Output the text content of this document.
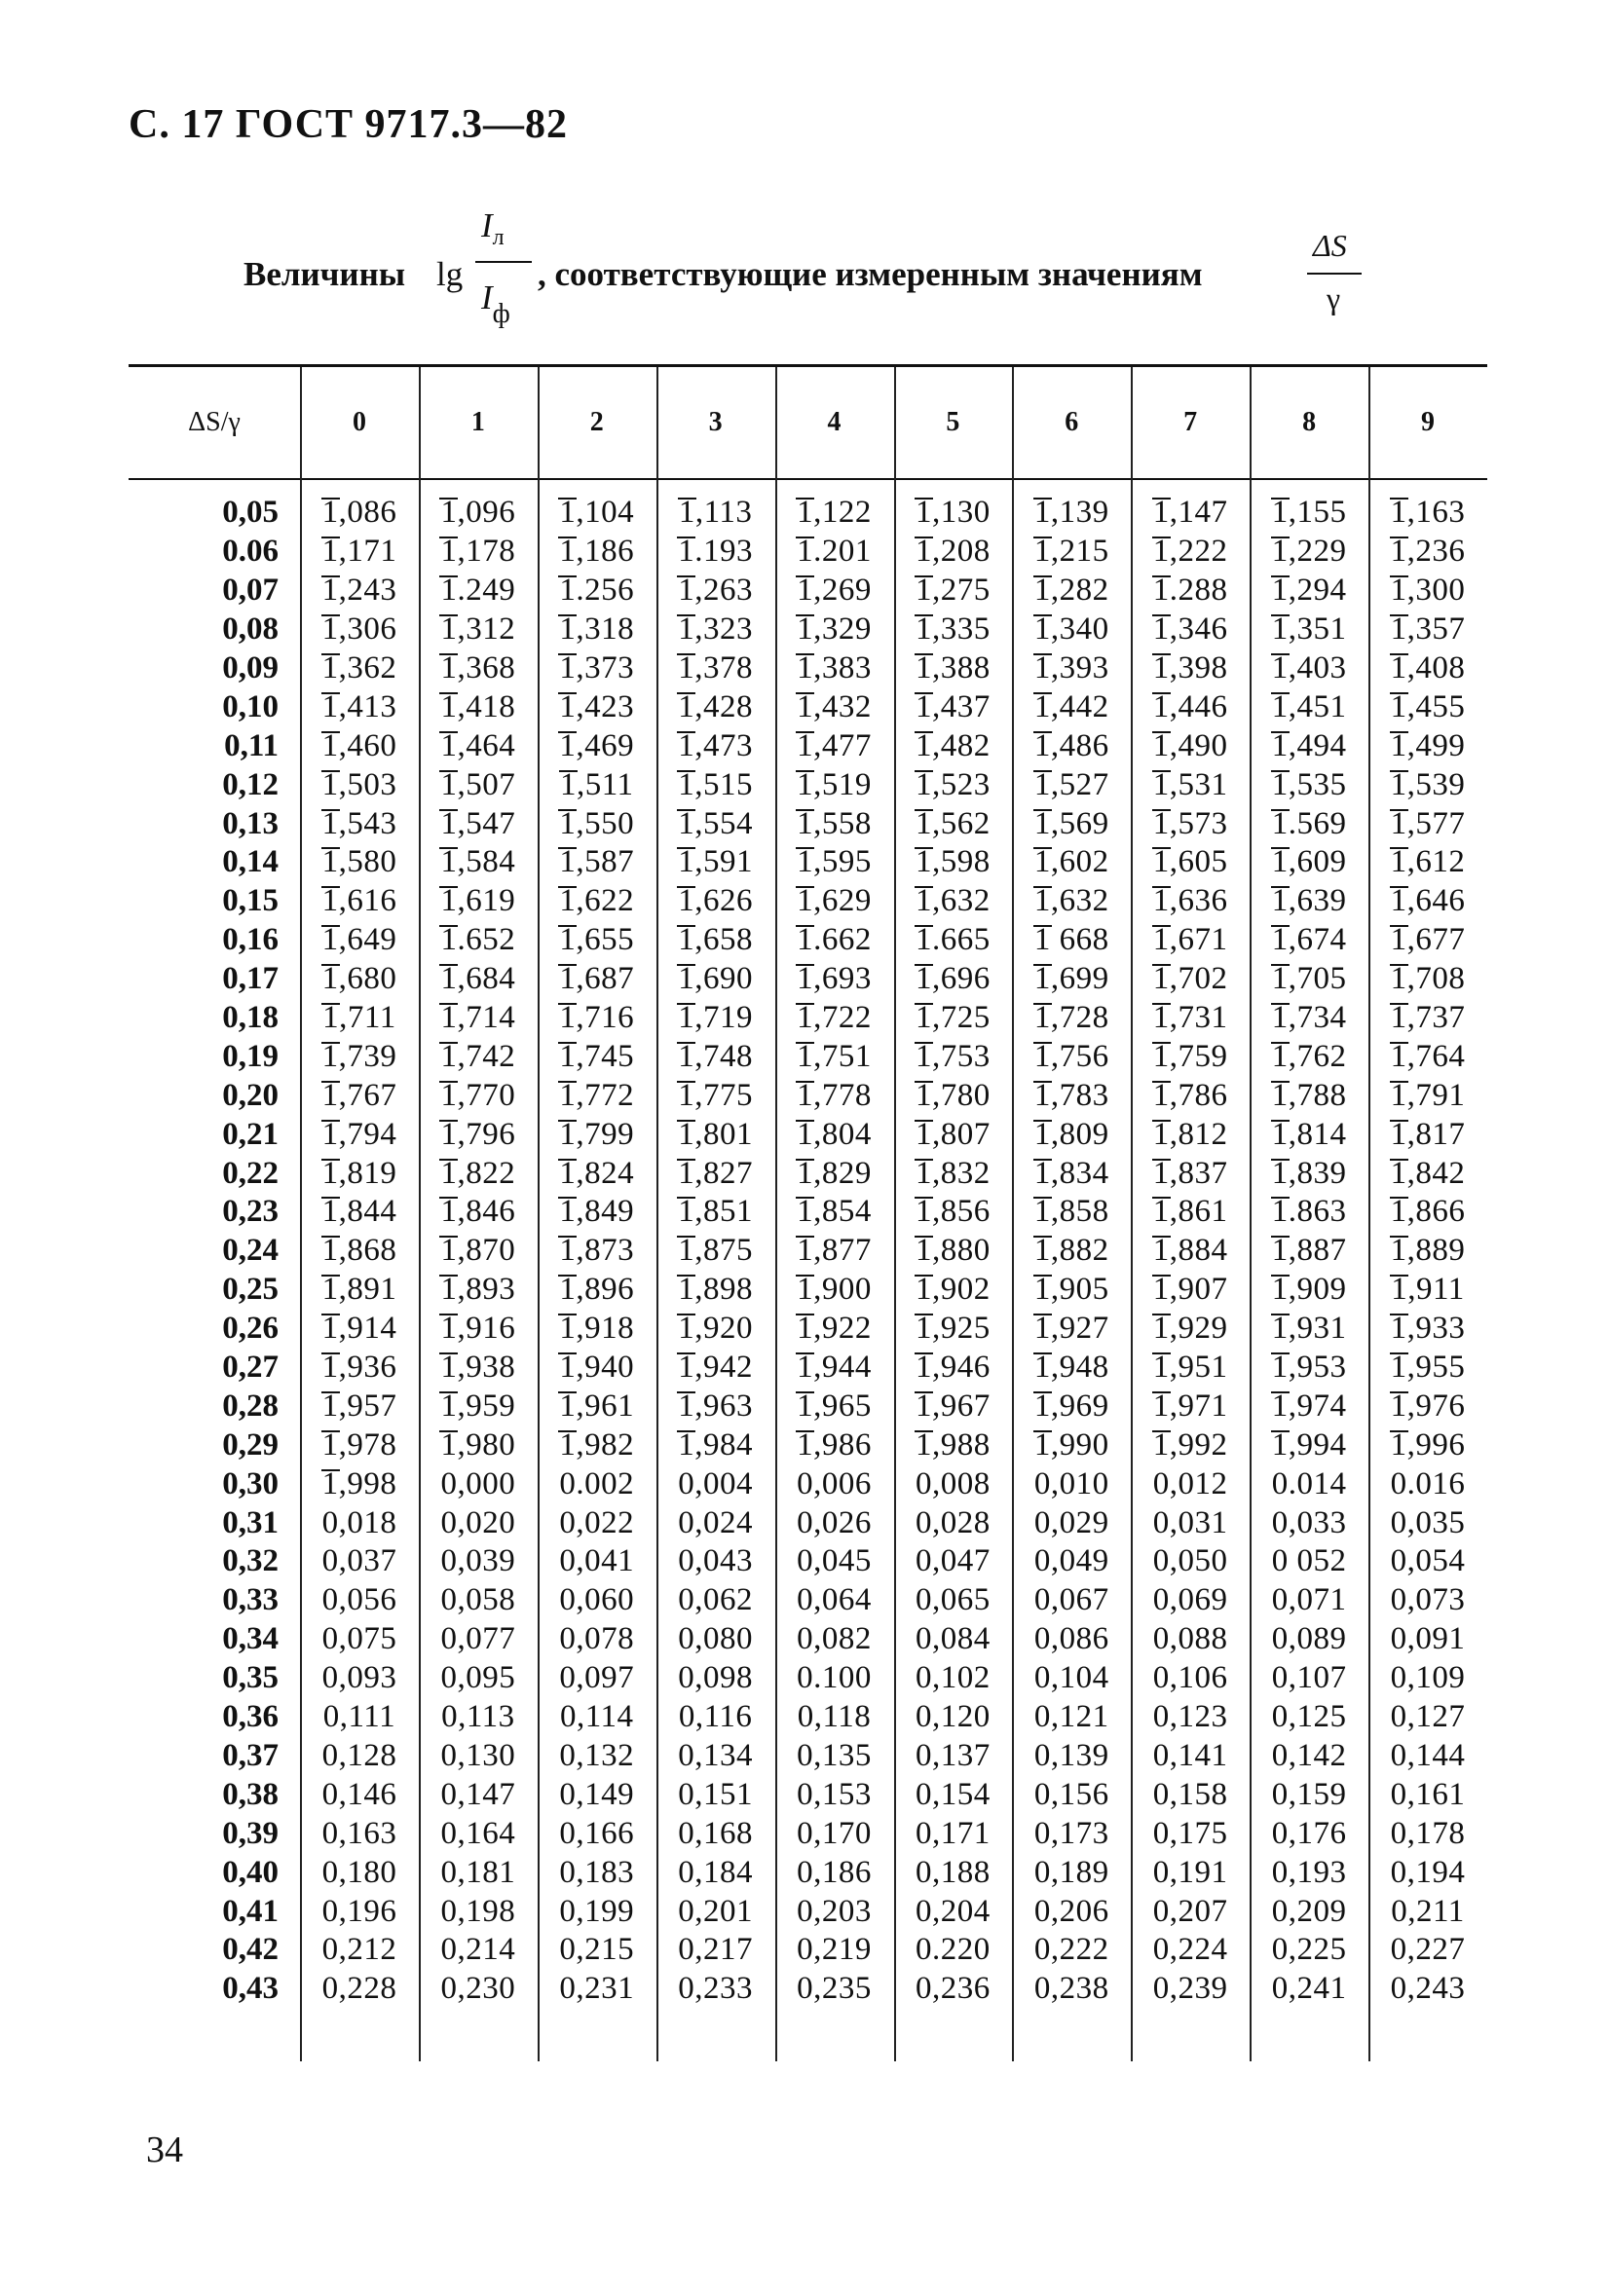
С. 17 ГОСТ 9717.3—82
Величины lg
$I_л$
$I_ф$
, соответствующие измеренным значениям
ΔS
γ
ΔS/γ	0	1	2	3	4	5	6	7	8	9
0,05	1,086	1,096	1,104	1,113	1,122	1,130	1,139	1,147	1,155	1,163
0.06	1,171	1,178	1,186	1.193	1.201	1,208	1,215	1,222	1,229	1,236
0,07	1,243	1.249	1.256	1,263	1,269	1,275	1,282	1.288	1,294	1,300
0,08	1,306	1,312	1,318	1,323	1,329	1,335	1,340	1,346	1,351	1,357
0,09	1,362	1,368	1,373	1,378	1,383	1,388	1,393	1,398	1,403	1,408
0,10	1,413	1,418	1,423	1,428	1,432	1,437	1,442	1,446	1,451	1,455
0,11	1,460	1,464	1,469	1,473	1,477	1,482	1,486	1,490	1,494	1,499
0,12	1,503	1,507	1,511	1,515	1,519	1,523	1,527	1,531	1,535	1,539
0,13	1,543	1,547	1,550	1,554	1,558	1,562	1,569	1,573	1.569	1,577
0,14	1,580	1,584	1,587	1,591	1,595	1,598	1,602	1,605	1,609	1,612
0,15	1,616	1,619	1,622	1,626	1,629	1,632	1,632	1,636	1,639	1,646
0,16	1,649	1.652	1,655	1,658	1.662	1.665	1 668	1,671	1,674	1,677
0,17	1,680	1,684	1,687	1,690	1,693	1,696	1,699	1,702	1,705	1,708
0,18	1,711	1,714	1,716	1,719	1,722	1,725	1,728	1,731	1,734	1,737
0,19	1,739	1,742	1,745	1,748	1,751	1,753	1,756	1,759	1,762	1,764
0,20	1,767	1,770	1,772	1,775	1,778	1,780	1,783	1,786	1,788	1,791
0,21	1,794	1,796	1,799	1,801	1,804	1,807	1,809	1,812	1,814	1,817
0,22	1,819	1,822	1,824	1,827	1,829	1,832	1,834	1,837	1,839	1,842
0,23	1,844	1,846	1,849	1,851	1,854	1,856	1,858	1,861	1.863	1,866
0,24	1,868	1,870	1,873	1,875	1,877	1,880	1,882	1,884	1,887	1,889
0,25	1,891	1,893	1,896	1,898	1,900	1,902	1,905	1,907	1,909	1,911
0,26	1,914	1,916	1,918	1,920	1,922	1,925	1,927	1,929	1,931	1,933
0,27	1,936	1,938	1,940	1,942	1,944	1,946	1,948	1,951	1,953	1,955
0,28	1,957	1,959	1,961	1,963	1,965	1,967	1,969	1,971	1,974	1,976
0,29	1,978	1,980	1,982	1,984	1,986	1,988	1,990	1,992	1,994	1,996
0,30	1,998	0,000	0.002	0,004	0,006	0,008	0,010	0,012	0.014	0.016
0,31	0,018	0,020	0,022	0,024	0,026	0,028	0,029	0,031	0,033	0,035
0,32	0,037	0,039	0,041	0,043	0,045	0,047	0,049	0,050	0 052	0,054
0,33	0,056	0,058	0,060	0,062	0,064	0,065	0,067	0,069	0,071	0,073
0,34	0,075	0,077	0,078	0,080	0,082	0,084	0,086	0,088	0,089	0,091
0,35	0,093	0,095	0,097	0,098	0.100	0,102	0,104	0,106	0,107	0,109
0,36	0,111	0,113	0,114	0,116	0,118	0,120	0,121	0,123	0,125	0,127
0,37	0,128	0,130	0,132	0,134	0,135	0,137	0,139	0,141	0,142	0,144
0,38	0,146	0,147	0,149	0,151	0,153	0,154	0,156	0,158	0,159	0,161
0,39	0,163	0,164	0,166	0,168	0,170	0,171	0,173	0,175	0,176	0,178
0,40	0,180	0,181	0,183	0,184	0,186	0,188	0,189	0,191	0,193	0,194
0,41	0,196	0,198	0,199	0,201	0,203	0,204	0,206	0,207	0,209	0,211
0,42	0,212	0,214	0,215	0,217	0,219	0.220	0,222	0,224	0,225	0,227
0,43	0,228	0,230	0,231	0,233	0,235	0,236	0,238	0,239	0,241	0,243
34
